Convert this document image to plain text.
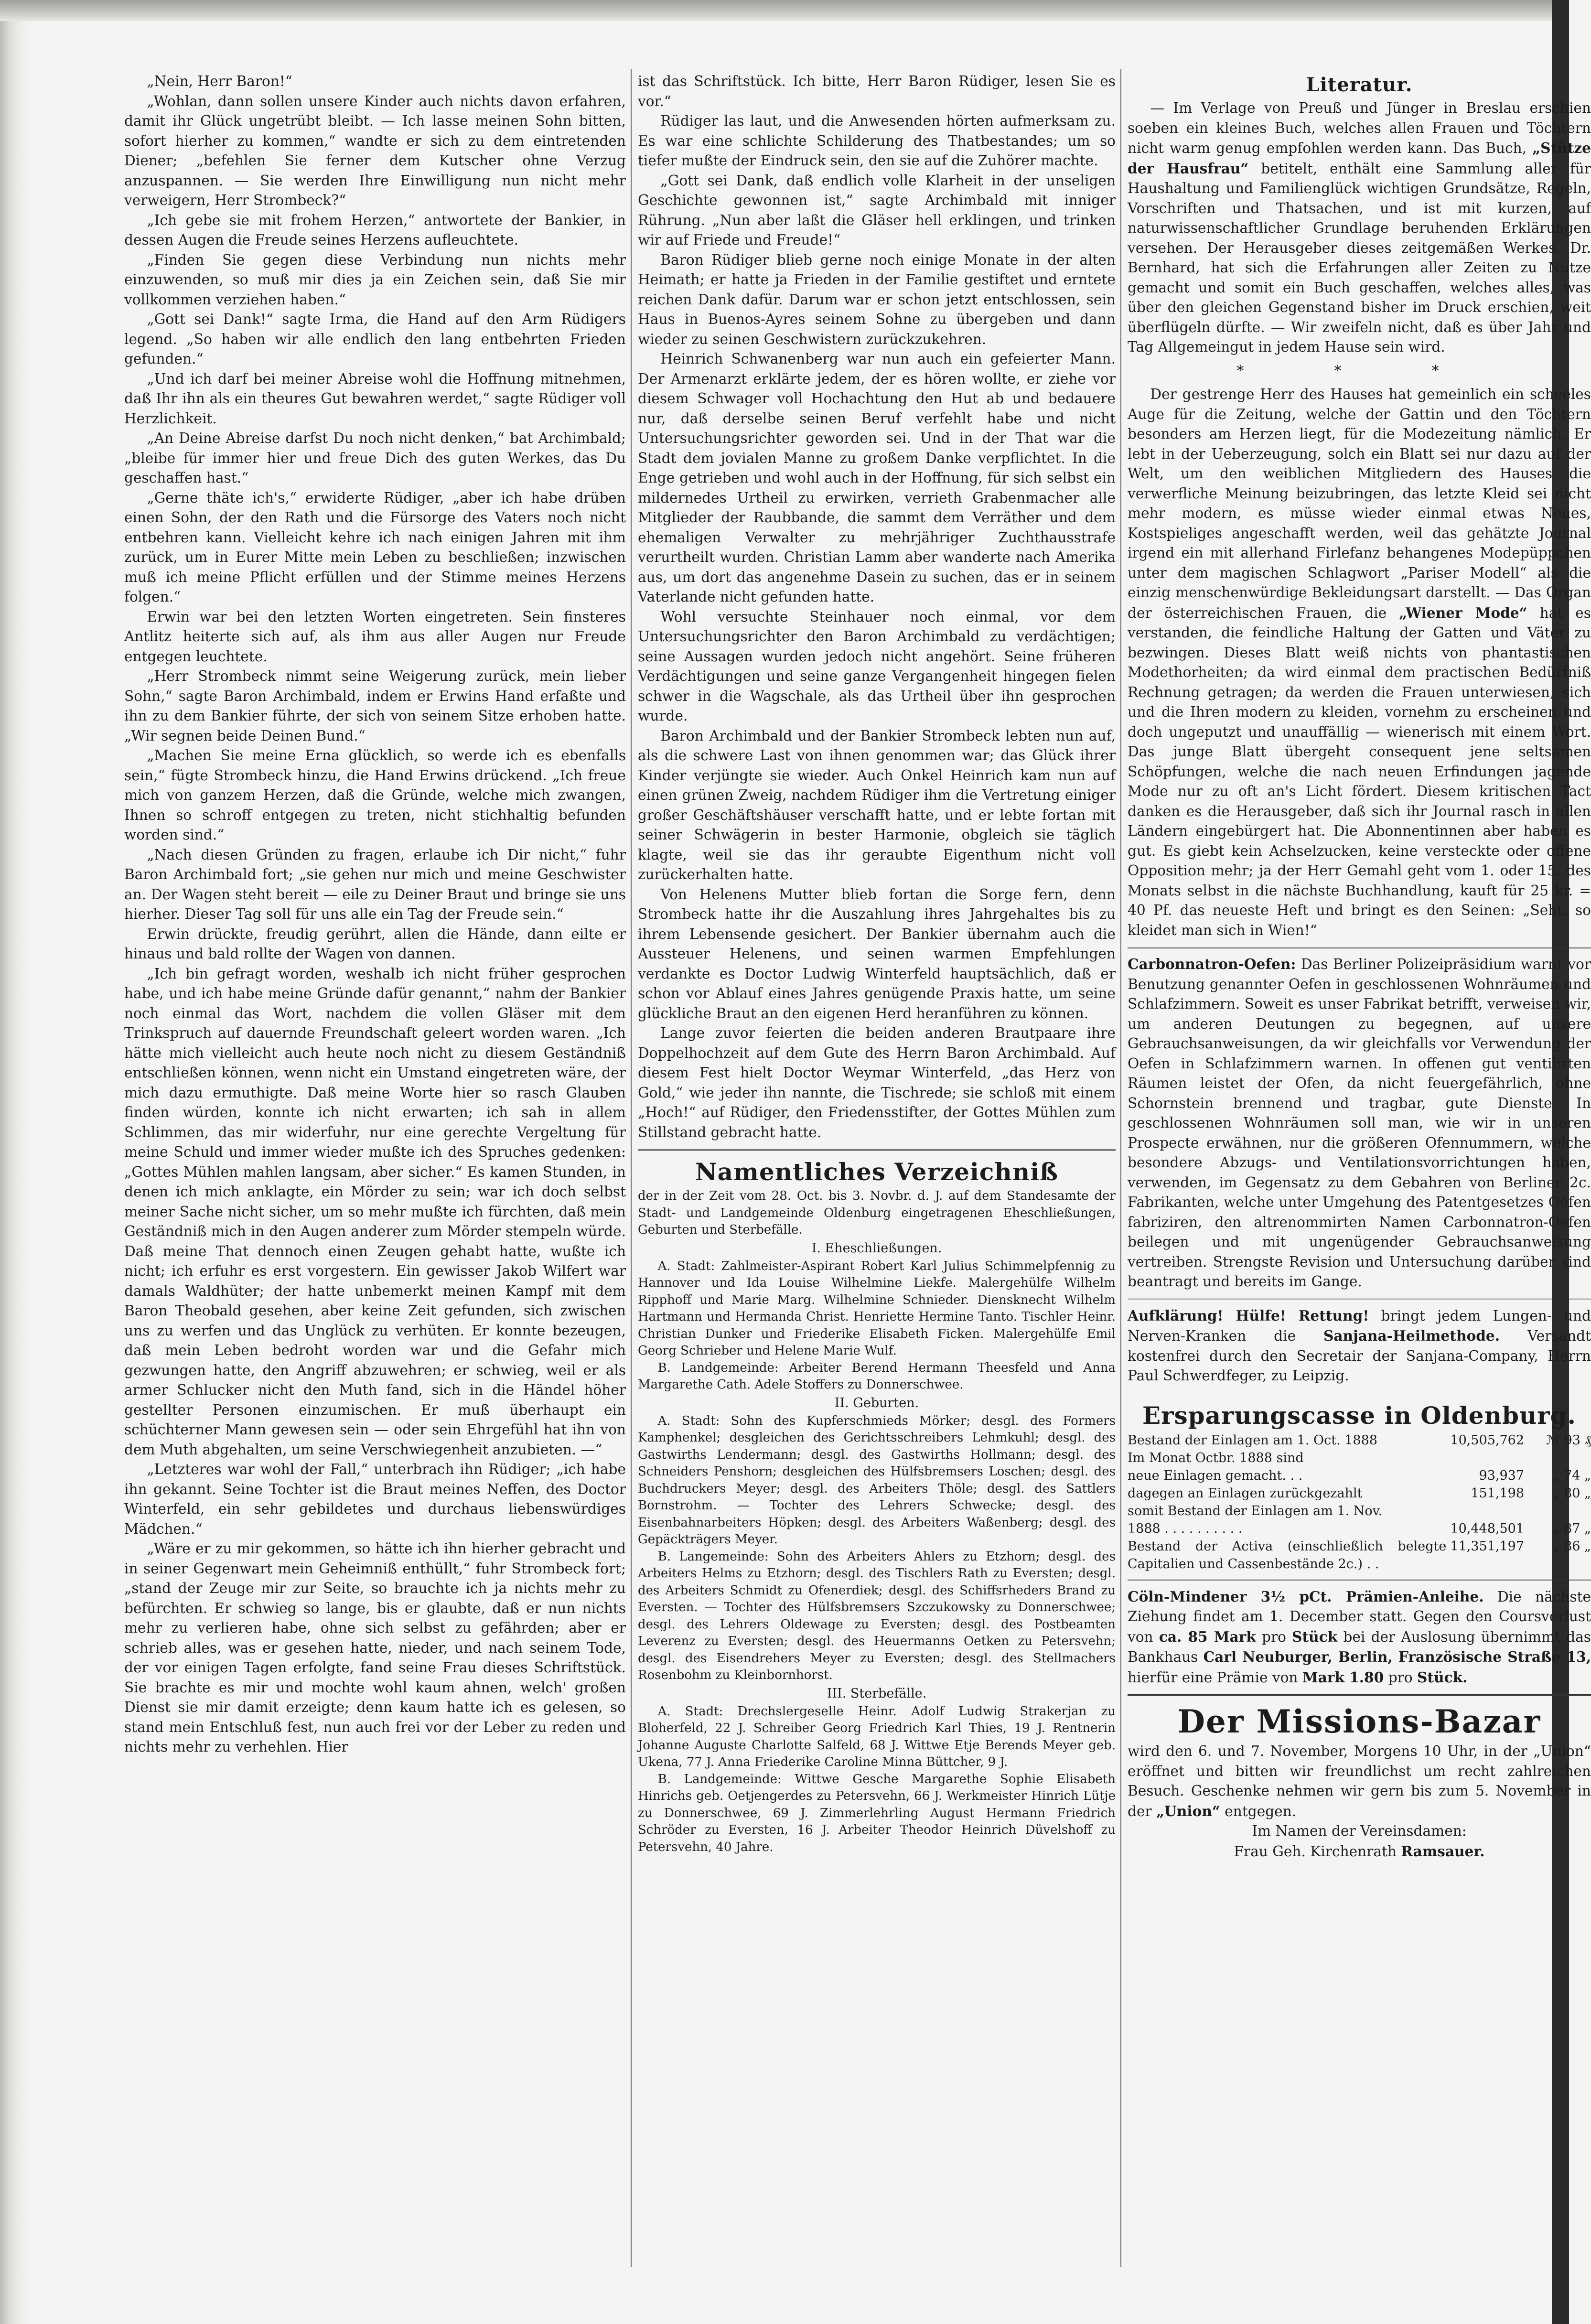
„Nein, Herr Baron!“

„Wohlan, dann sollen unsere Kinder auch nichts davon erfahren, damit ihr Glück ungetrübt bleibt. — Ich lasse meinen Sohn bitten, sofort hierher zu kommen,“ wandte er sich zu dem eintretenden Diener; „befehlen Sie ferner dem Kutscher ohne Verzug anzuspannen. — Sie werden Ihre Einwilligung nun nicht mehr verweigern, Herr Strombeck?“

„Ich gebe sie mit frohem Herzen,“ antwortete der Bankier, in dessen Augen die Freude seines Herzens aufleuchtete.

„Finden Sie gegen diese Verbindung nun nichts mehr einzuwenden, so muß mir dies ja ein Zeichen sein, daß Sie mir vollkommen verziehen haben.“

„Gott sei Dank!“ sagte Irma, die Hand auf den Arm Rüdigers legend. „So haben wir alle endlich den lang entbehrten Frieden gefunden.“

„Und ich darf bei meiner Abreise wohl die Hoffnung mitnehmen, daß Ihr ihn als ein theures Gut bewahren werdet,“ sagte Rüdiger voll Herzlichkeit.

„An Deine Abreise darfst Du noch nicht denken,“ bat Archimbald; „bleibe für immer hier und freue Dich des guten Werkes, das Du geschaffen hast.“

„Gerne thäte ich's,“ erwiderte Rüdiger, „aber ich habe drüben einen Sohn, der den Rath und die Fürsorge des Vaters noch nicht entbehren kann. Vielleicht kehre ich nach einigen Jahren mit ihm zurück, um in Eurer Mitte mein Leben zu beschließen; inzwischen muß ich meine Pflicht erfüllen und der Stimme meines Herzens folgen.“

Erwin war bei den letzten Worten eingetreten. Sein finsteres Antlitz heiterte sich auf, als ihm aus aller Augen nur Freude entgegen leuchtete.

„Herr Strombeck nimmt seine Weigerung zurück, mein lieber Sohn,“ sagte Baron Archimbald, indem er Erwins Hand erfaßte und ihn zu dem Bankier führte, der sich von seinem Sitze erhoben hatte. „Wir segnen beide Deinen Bund.“

„Machen Sie meine Erna glücklich, so werde ich es ebenfalls sein,“ fügte Strombeck hinzu, die Hand Erwins drückend. „Ich freue mich von ganzem Herzen, daß die Gründe, welche mich zwangen, Ihnen so schroff entgegen zu treten, nicht stichhaltig befunden worden sind.“

„Nach diesen Gründen zu fragen, erlaube ich Dir nicht,“ fuhr Baron Archimbald fort; „sie gehen nur mich und meine Geschwister an. Der Wagen steht bereit — eile zu Deiner Braut und bringe sie uns hierher. Dieser Tag soll für uns alle ein Tag der Freude sein.“

Erwin drückte, freudig gerührt, allen die Hände, dann eilte er hinaus und bald rollte der Wagen von dannen.

„Ich bin gefragt worden, weshalb ich nicht früher gesprochen habe, und ich habe meine Gründe dafür genannt,“ nahm der Bankier noch einmal das Wort, nachdem die vollen Gläser mit dem Trinkspruch auf dauernde Freundschaft geleert worden waren. „Ich hätte mich vielleicht auch heute noch nicht zu diesem Geständniß entschließen können, wenn nicht ein Umstand eingetreten wäre, der mich dazu ermuthigte. Daß meine Worte hier so rasch Glauben finden würden, konnte ich nicht erwarten; ich sah in allem Schlimmen, das mir widerfuhr, nur eine gerechte Vergeltung für meine Schuld und immer wieder mußte ich des Spruches gedenken: „Gottes Mühlen mahlen langsam, aber sicher.“ Es kamen Stunden, in denen ich mich anklagte, ein Mörder zu sein; war ich doch selbst meiner Sache nicht sicher, um so mehr mußte ich fürchten, daß mein Geständniß mich in den Augen anderer zum Mörder stempeln würde. Daß meine That dennoch einen Zeugen gehabt hatte, wußte ich nicht; ich erfuhr es erst vorgestern. Ein gewisser Jakob Wilfert war damals Waldhüter; der hatte unbemerkt meinen Kampf mit dem Baron Theobald gesehen, aber keine Zeit gefunden, sich zwischen uns zu werfen und das Unglück zu verhüten. Er konnte bezeugen, daß mein Leben bedroht worden war und die Gefahr mich gezwungen hatte, den Angriff abzuwehren; er schwieg, weil er als armer Schlucker nicht den Muth fand, sich in die Händel höher gestellter Personen einzumischen. Er muß überhaupt ein schüchterner Mann gewesen sein — oder sein Ehrgefühl hat ihn von dem Muth abgehalten, um seine Verschwiegenheit anzubieten. —“

„Letzteres war wohl der Fall,“ unterbrach ihn Rüdiger; „ich habe ihn gekannt. Seine Tochter ist die Braut meines Neffen, des Doctor Winterfeld, ein sehr gebildetes und durchaus liebenswürdiges Mädchen.“

„Wäre er zu mir gekommen, so hätte ich ihn hierher gebracht und in seiner Gegenwart mein Geheimniß enthüllt,“ fuhr Strombeck fort; „stand der Zeuge mir zur Seite, so brauchte ich ja nichts mehr zu befürchten. Er schwieg so lange, bis er glaubte, daß er nun nichts mehr zu verlieren habe, ohne sich selbst zu gefährden; aber er schrieb alles, was er gesehen hatte, nieder, und nach seinem Tode, der vor einigen Tagen erfolgte, fand seine Frau dieses Schriftstück. Sie brachte es mir und mochte wohl kaum ahnen, welch' großen Dienst sie mir damit erzeigte; denn kaum hatte ich es gelesen, so stand mein Entschluß fest, nun auch frei vor der Leber zu reden und nichts mehr zu verhehlen. Hier

ist das Schriftstück. Ich bitte, Herr Baron Rüdiger, lesen Sie es vor.“

Rüdiger las laut, und die Anwesenden hörten aufmerksam zu. Es war eine schlichte Schilderung des Thatbestandes; um so tiefer mußte der Eindruck sein, den sie auf die Zuhörer machte.

„Gott sei Dank, daß endlich volle Klarheit in der unseligen Geschichte gewonnen ist,“ sagte Archimbald mit inniger Rührung. „Nun aber laßt die Gläser hell erklingen, und trinken wir auf Friede und Freude!“

Baron Rüdiger blieb gerne noch einige Monate in der alten Heimath; er hatte ja Frieden in der Familie gestiftet und erntete reichen Dank dafür. Darum war er schon jetzt entschlossen, sein Haus in Buenos-Ayres seinem Sohne zu übergeben und dann wieder zu seinen Geschwistern zurückzukehren.

Heinrich Schwanenberg war nun auch ein gefeierter Mann. Der Armenarzt erklärte jedem, der es hören wollte, er ziehe vor diesem Schwager voll Hochachtung den Hut ab und bedauere nur, daß derselbe seinen Beruf verfehlt habe und nicht Untersuchungsrichter geworden sei. Und in der That war die Stadt dem jovialen Manne zu großem Danke verpflichtet. In die Enge getrieben und wohl auch in der Hoffnung, für sich selbst ein mildernedes Urtheil zu erwirken, verrieth Grabenmacher alle Mitglieder der Raubbande, die sammt dem Verräther und dem ehemaligen Verwalter zu mehrjähriger Zuchthausstrafe verurtheilt wurden. Christian Lamm aber wanderte nach Amerika aus, um dort das angenehme Dasein zu suchen, das er in seinem Vaterlande nicht gefunden hatte.

Wohl versuchte Steinhauer noch einmal, vor dem Untersuchungsrichter den Baron Archimbald zu verdächtigen; seine Aussagen wurden jedoch nicht angehört. Seine früheren Verdächtigungen und seine ganze Vergangenheit hingegen fielen schwer in die Wagschale, als das Urtheil über ihn gesprochen wurde.

Baron Archimbald und der Bankier Strombeck lebten nun auf, als die schwere Last von ihnen genommen war; das Glück ihrer Kinder verjüngte sie wieder. Auch Onkel Heinrich kam nun auf einen grünen Zweig, nachdem Rüdiger ihm die Vertretung einiger großer Geschäftshäuser verschafft hatte, und er lebte fortan mit seiner Schwägerin in bester Harmonie, obgleich sie täglich klagte, weil sie das ihr geraubte Eigenthum nicht voll zurückerhalten hatte.

Von Helenens Mutter blieb fortan die Sorge fern, denn Strombeck hatte ihr die Auszahlung ihres Jahrgehaltes bis zu ihrem Lebensende gesichert. Der Bankier übernahm auch die Aussteuer Helenens, und seinen warmen Empfehlungen verdankte es Doctor Ludwig Winterfeld hauptsächlich, daß er schon vor Ablauf eines Jahres genügende Praxis hatte, um seine glückliche Braut an den eigenen Herd heranführen zu können.

Lange zuvor feierten die beiden anderen Brautpaare ihre Doppelhochzeit auf dem Gute des Herrn Baron Archimbald. Auf diesem Fest hielt Doctor Weymar Winterfeld, „das Herz von Gold,“ wie jeder ihn nannte, die Tischrede; sie schloß mit einem „Hoch!“ auf Rüdiger, den Friedensstifter, der Gottes Mühlen zum Stillstand gebracht hatte.

Namentliches Verzeichniß

der in der Zeit vom 28. Oct. bis 3. Novbr. d. J. auf dem Standesamte der Stadt- und Landgemeinde Oldenburg eingetragenen Eheschließungen, Geburten und Sterbefälle.

I. Eheschließungen.

A. Stadt: Zahlmeister-Aspirant Robert Karl Julius Schimmelpfennig zu Hannover und Ida Louise Wilhelmine Liekfe. Malergehülfe Wilhelm Ripphoff und Marie Marg. Wilhelmine Schnieder. Diensknecht Wilhelm Hartmann und Hermanda Christ. Henriette Hermine Tanto. Tischler Heinr. Christian Dunker und Friederike Elisabeth Ficken. Malergehülfe Emil Georg Schrieber und Helene Marie Wulf.

B. Landgemeinde: Arbeiter Berend Hermann Theesfeld und Anna Margarethe Cath. Adele Stoffers zu Donnerschwee.

II. Geburten.

A. Stadt: Sohn des Kupferschmieds Mörker; desgl. des Formers Kamphenkel; desgleichen des Gerichtsschreibers Lehmkuhl; desgl. des Gastwirths Lendermann; desgl. des Gastwirths Hollmann; desgl. des Schneiders Penshorn; desgleichen des Hülfsbremsers Loschen; desgl. des Buchdruckers Meyer; desgl. des Arbeiters Thöle; desgl. des Sattlers Bornstrohm. — Tochter des Lehrers Schwecke; desgl. des Eisenbahnarbeiters Höpken; desgl. des Arbeiters Waßenberg; desgl. des Gepäckträgers Meyer.

B. Langemeinde: Sohn des Arbeiters Ahlers zu Etzhorn; desgl. des Arbeiters Helms zu Etzhorn; desgl. des Tischlers Rath zu Eversten; desgl. des Arbeiters Schmidt zu Ofenerdiek; desgl. des Schiffsrheders Brand zu Eversten. — Tochter des Hülfsbremsers Szczukowsky zu Donnerschwee; desgl. des Lehrers Oldewage zu Eversten; desgl. des Postbeamten Leverenz zu Eversten; desgl. des Heuermanns Oetken zu Petersvehn; desgl. des Eisendrehers Meyer zu Eversten; desgl. des Stellmachers Rosenbohm zu Kleinbornhorst.

III. Sterbefälle.

A. Stadt: Drechslergeselle Heinr. Adolf Ludwig Strakerjan zu Bloherfeld, 22 J. Schreiber Georg Friedrich Karl Thies, 19 J. Rentnerin Johanne Auguste Charlotte Salfeld, 68 J. Wittwe Etje Berends Meyer geb. Ukena, 77 J. Anna Friederike Caroline Minna Büttcher, 9 J.

B. Landgemeinde: Wittwe Gesche Margarethe Sophie Elisabeth Hinrichs geb. Oetjengerdes zu Petersvehn, 66 J. Werkmeister Hinrich Lütje zu Donnerschwee, 69 J. Zimmerlehrling August Hermann Friedrich Schröder zu Eversten, 16 J. Arbeiter Theodor Heinrich Düvelshoff zu Petersvehn, 40 Jahre.

Literatur.

— Im Verlage von Preuß und Jünger in Breslau erschien soeben ein kleines Buch, welches allen Frauen und Töchtern nicht warm genug empfohlen werden kann. Das Buch, „Stütze der Hausfrau“ betitelt, enthält eine Sammlung aller für Haushaltung und Familienglück wichtigen Grundsätze, Regeln, Vorschriften und Thatsachen, und ist mit kurzen, auf naturwissenschaftlicher Grundlage beruhenden Erklärungen versehen. Der Herausgeber dieses zeitgemäßen Werkes, Dr. Bernhard, hat sich die Erfahrungen aller Zeiten zu Nutze gemacht und somit ein Buch geschaffen, welches alles, was über den gleichen Gegenstand bisher im Druck erschien, weit überflügeln dürfte. — Wir zweifeln nicht, daß es über Jahr und Tag Allgemeingut in jedem Hause sein wird.

* * *

Der gestrenge Herr des Hauses hat gemeinlich ein scheeles Auge für die Zeitung, welche der Gattin und den Töchtern besonders am Herzen liegt, für die Modezeitung nämlich. Er lebt in der Ueberzeugung, solch ein Blatt sei nur dazu auf der Welt, um den weiblichen Mitgliedern des Hauses die verwerfliche Meinung beizubringen, das letzte Kleid sei nicht mehr modern, es müsse wieder einmal etwas Neues, Kostspieliges angeschafft werden, weil das gehätzte Journal irgend ein mit allerhand Firlefanz behangenes Modepüppchen unter dem magischen Schlagwort „Pariser Modell“ als die einzig menschenwürdige Bekleidungsart darstellt. — Das Organ der österreichischen Frauen, die „Wiener Mode“ hat es verstanden, die feindliche Haltung der Gatten und Väter zu bezwingen. Dieses Blatt weiß nichts von phantastischen Modethorheiten; da wird einmal dem practischen Bedürfniß Rechnung getragen; da werden die Frauen unterwiesen, sich und die Ihren modern zu kleiden, vornehm zu erscheinen und doch ungeputzt und unauffällig — wienerisch mit einem Wort. Das junge Blatt übergeht consequent jene seltsamen Schöpfungen, welche die nach neuen Erfindungen jagende Mode nur zu oft an's Licht fördert. Diesem kritischen Tact danken es die Herausgeber, daß sich ihr Journal rasch in allen Ländern eingebürgert hat. Die Abonnentinnen aber haben es gut. Es giebt kein Achselzucken, keine versteckte oder offene Opposition mehr; ja der Herr Gemahl geht vom 1. oder 15. des Monats selbst in die nächste Buchhandlung, kauft für 25 kr. = 40 Pf. das neueste Heft und bringt es den Seinen: „Seht, so kleidet man sich in Wien!“

Carbonnatron-Oefen: Das Berliner Polizeipräsidium warnt vor Benutzung genannter Oefen in geschlossenen Wohnräumen und Schlafzimmern. Soweit es unser Fabrikat betrifft, verweisen wir, um anderen Deutungen zu begegnen, auf unsere Gebrauchsanweisungen, da wir gleichfalls vor Verwendung der Oefen in Schlafzimmern warnen. In offenen gut ventilirten Räumen leistet der Ofen, da nicht feuergefährlich, ohne Schornstein brennend und tragbar, gute Dienste. In geschlossenen Wohnräumen soll man, wie wir in unseren Prospecte erwähnen, nur die größeren Ofennummern, welche besondere Abzugs- und Ventilationsvorrichtungen haben, verwenden, im Gegensatz zu dem Gebahren von Berliner 2c. Fabrikanten, welche unter Umgehung des Patentgesetzes Oefen fabriziren, den altrenommirten Namen Carbonnatron-Oefen beilegen und mit ungenügender Gebrauchsanweisung vertreiben. Strengste Revision und Untersuchung darüber sind beantragt und bereits im Gange.

Aufklärung! Hülfe! Rettung! bringt jedem Lungen- und Nerven-Kranken die Sanjana-Heilmethode. Versandt kostenfrei durch den Secretair der Sanjana-Company, Herrn Paul Schwerdfeger, zu Leipzig.

Ersparungscasse in Oldenburg.
Bestand der Einlagen am 1. Oct. 1888	10,505,762	ℳ 93 ₰
Im Monat Octbr. 1888 sind		
neue Einlagen gemacht. . .	93,937	„ 74 „
dagegen an Einlagen zurückgezahlt	151,198	„ 80 „
somit Bestand der Einlagen am 1. Nov.		
1888 . . . . . . . . . .	10,448,501	„ 87 „
Bestand der Activa (einschließlich belegte Capitalien und Cassenbestände 2c.) . .	11,351,197	„ 86 „

Cöln-Mindener 3½ pCt. Prämien-Anleihe. Die nächste Ziehung findet am 1. December statt. Gegen den Coursverlust von ca. 85 Mark pro Stück bei der Auslosung übernimmt das Bankhaus Carl Neuburger, Berlin, Französische Straße 13, hierfür eine Prämie von Mark 1.80 pro Stück.

Der Missions-Bazar

wird den 6. und 7. November, Morgens 10 Uhr, in der „Union“ eröffnet und bitten wir freundlichst um recht zahlreichen Besuch. Geschenke nehmen wir gern bis zum 5. November in der „Union“ entgegen.

Im Namen der Vereinsdamen:
Frau Geh. Kirchenrath Ramsauer.
